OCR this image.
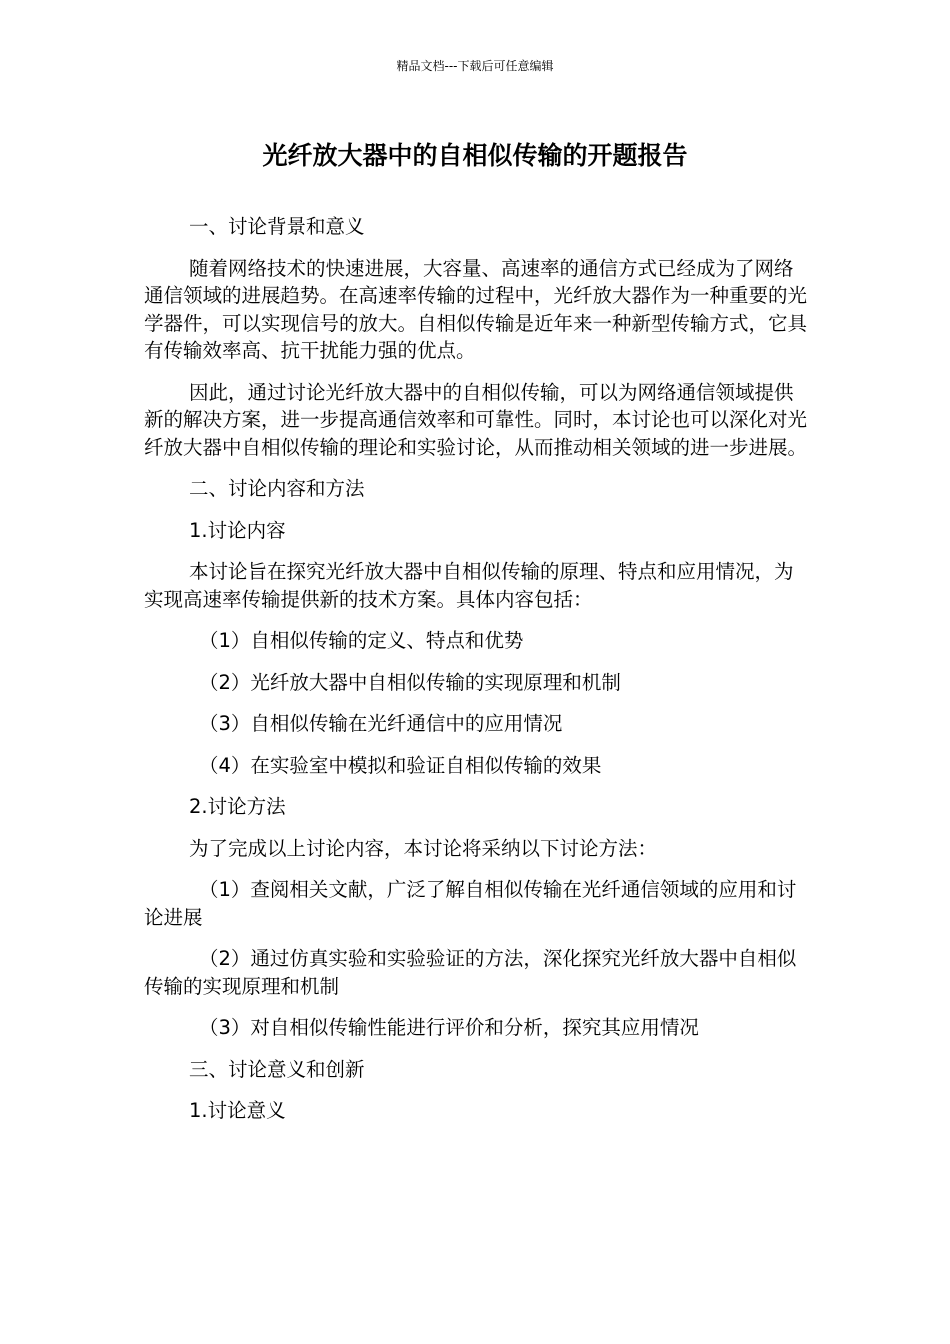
精品文档---下载后可任意编辑
光纤放大器中的自相似传输的开题报告

一、讨论背景和意义

随着网络技术的快速进展，大容量、高速率的通信方式已经成为了网络通信领域的进展趋势。在高速率传输的过程中，光纤放大器作为一种重要的光学器件，可以实现信号的放大。自相似传输是近年来一种新型传输方式，它具有传输效率高、抗干扰能力强的优点。

因此，通过讨论光纤放大器中的自相似传输，可以为网络通信领域提供新的解决方案，进一步提高通信效率和可靠性。同时，本讨论也可以深化对光纤放大器中自相似传输的理论和实验讨论，从而推动相关领域的进一步进展。

二、讨论内容和方法

1.讨论内容

本讨论旨在探究光纤放大器中自相似传输的原理、特点和应用情况，为实现高速率传输提供新的技术方案。具体内容包括：

（1）自相似传输的定义、特点和优势

（2）光纤放大器中自相似传输的实现原理和机制

（3）自相似传输在光纤通信中的应用情况

（4）在实验室中模拟和验证自相似传输的效果

2.讨论方法

为了完成以上讨论内容，本讨论将采纳以下讨论方法：

（1）查阅相关文献，广泛了解自相似传输在光纤通信领域的应用和讨论进展

（2）通过仿真实验和实验验证的方法，深化探究光纤放大器中自相似传输的实现原理和机制

（3）对自相似传输性能进行评价和分析，探究其应用情况

三、讨论意义和创新

1.讨论意义
